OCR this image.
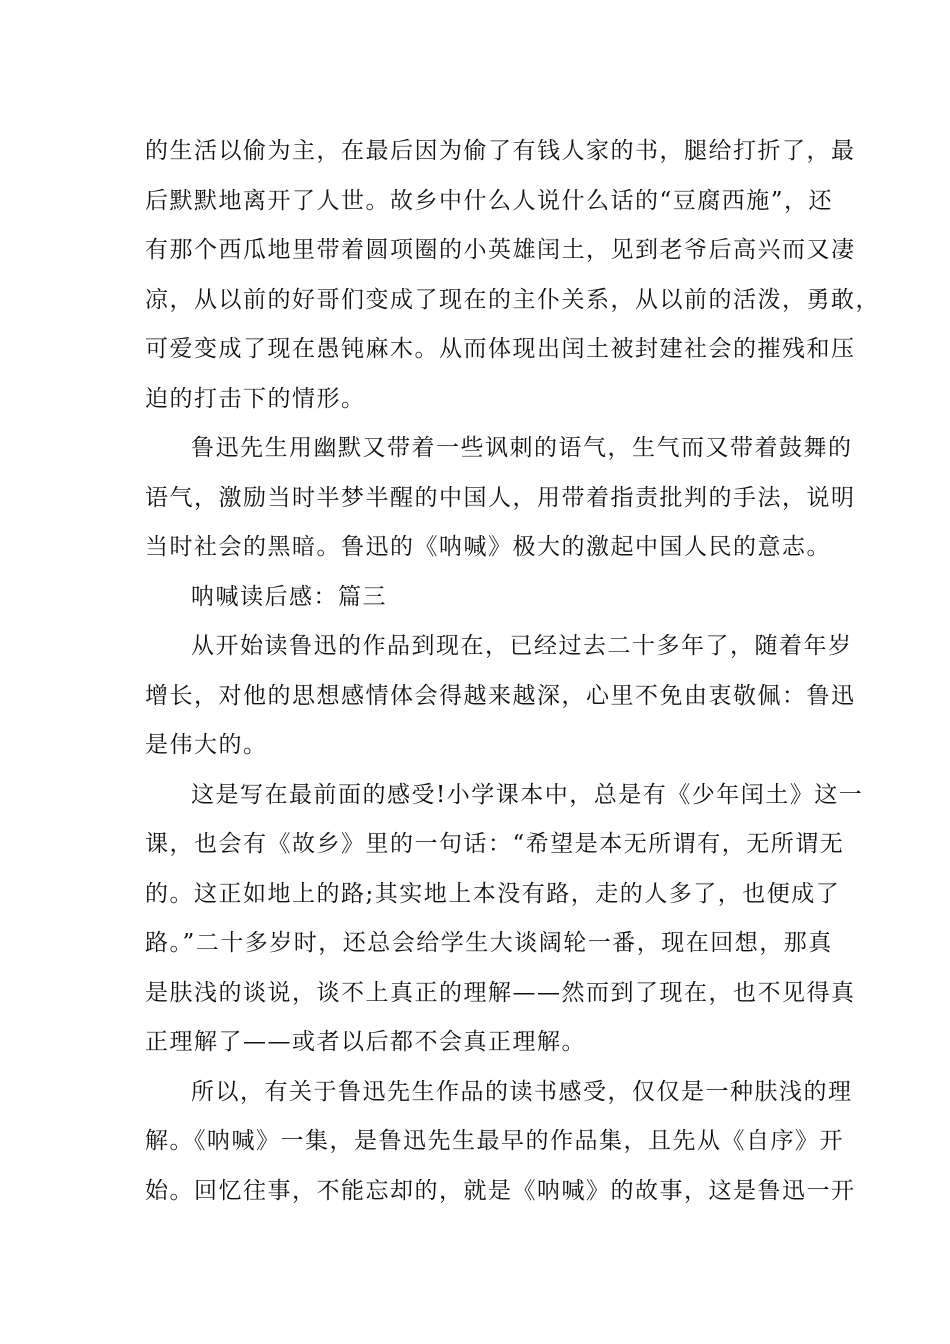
的生活以偷为主，在最后因为偷了有钱人家的书，腿给打折了，最
后默默地离开了人世。故乡中什么人说什么话的“豆腐西施”，还
有那个西瓜地里带着圆项圈的小英雄闰土，见到老爷后高兴而又凄
凉，从以前的好哥们变成了现在的主仆关系，从以前的活泼，勇敢，
可爱变成了现在愚钝麻木。从而体现出闰土被封建社会的摧残和压
迫的打击下的情形。
鲁迅先生用幽默又带着一些讽刺的语气，生气而又带着鼓舞的
语气，激励当时半梦半醒的中国人，用带着指责批判的手法，说明
当时社会的黑暗。鲁迅的《呐喊》极大的激起中国人民的意志。
呐喊读后感：篇三
从开始读鲁迅的作品到现在，已经过去二十多年了，随着年岁
增长，对他的思想感情体会得越来越深，心里不免由衷敬佩：鲁迅
是伟大的。
这是写在最前面的感受!小学课本中，总是有《少年闰土》这一
课，也会有《故乡》里的一句话：“希望是本无所谓有，无所谓无
的。这正如地上的路;其实地上本没有路，走的人多了，也便成了
路。”二十多岁时，还总会给学生大谈阔轮一番，现在回想，那真
是肤浅的谈说，谈不上真正的理解——然而到了现在，也不见得真
正理解了——或者以后都不会真正理解。
所以，有关于鲁迅先生作品的读书感受，仅仅是一种肤浅的理
解。《呐喊》一集，是鲁迅先生最早的作品集，且先从《自序》开
始。回忆往事，不能忘却的，就是《呐喊》的故事，这是鲁迅一开
